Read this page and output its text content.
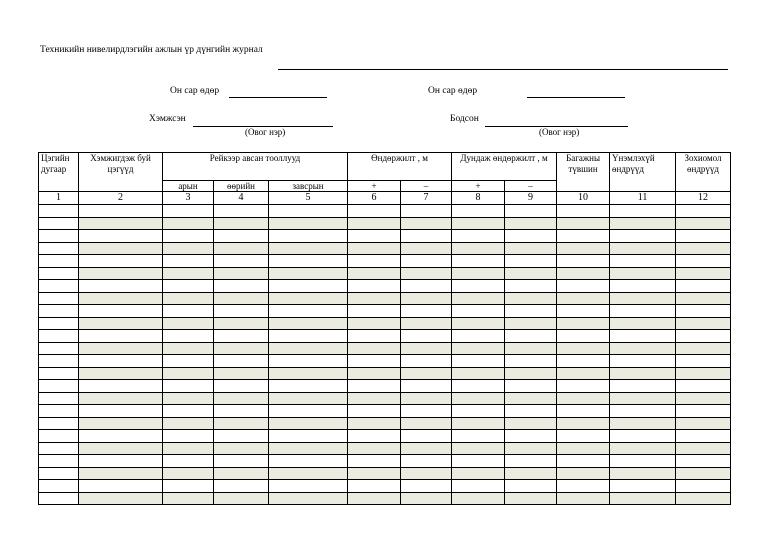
Техникийн нивелирдлэгийн ажлын үр дүнгийн журнал
Он сар өдөр	Он сар өдөр
Хэмжсэн
(Овог нэр)
Бодсон
(Овог нэр)
Цэгийн дугаар	Хэмжигдэж буй цэгүүд	Рейкээр авсан тооллууд			Өндөржилт , м		Дундаж өндөржилт , м		Багажны түвшин	Үнэмлэхүй өндрүүд	Зохиомол өндрүүд
		арын	өөрийн	завсрын	+	–	+	–			
1	2	3	4	5	6	7	8	9	10	11	12
